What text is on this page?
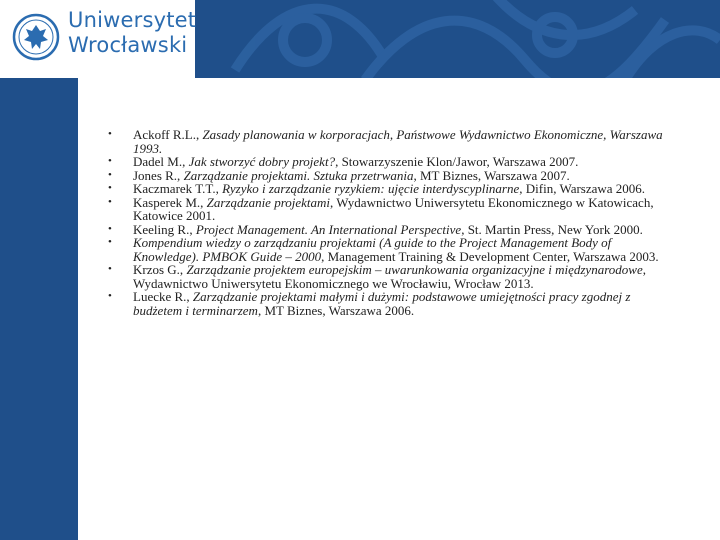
Uniwersytet
Wrocławski
• Ackoff R.L., Zasady planowania w korporacjach, Państwowe Wydawnictwo Ekonomiczne, Warszawa 1993.
• Dadel M., Jak stworzyć dobry projekt?, Stowarzyszenie Klon/Jawor, Warszawa 2007.
• Jones R., Zarządzanie projektami. Sztuka przetrwania, MT Biznes, Warszawa 2007.
• Kaczmarek T.T., Ryzyko i zarządzanie ryzykiem: ujęcie interdyscyplinarne, Difin, Warszawa 2006.
• Kasperek M., Zarządzanie projektami, Wydawnictwo Uniwersytetu Ekonomicznego w Katowicach, Katowice 2001.
• Keeling R., Project Management. An International Perspective, St. Martin Press, New York 2000.
• Kompendium wiedzy o zarządzaniu projektami (A guide to the Project Management Body of Knowledge). PMBOK Guide – 2000, Management Training & Development Center, Warszawa 2003.
• Krzos G., Zarządzanie projektem europejskim – uwarunkowania organizacyjne i międzynarodowe, Wydawnictwo Uniwersytetu Ekonomicznego we Wrocławiu, Wrocław 2013.
• Luecke R., Zarządzanie projektami małymi i dużymi: podstawowe umiejętności pracy zgodnej z budżetem i terminarzem, MT Biznes, Warszawa 2006.
